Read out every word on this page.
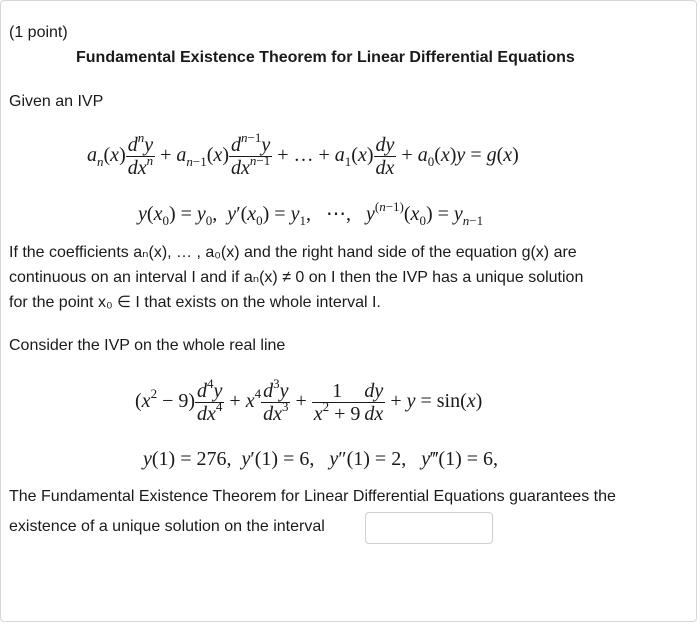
(1 point)
Fundamental Existence Theorem for Linear Differential Equations
Given an IVP
$a_n(x) \frac{d^ny}{dx^n} + a_{n-1}(x) \frac{d^{n-1}y}{dx^{n-1}}$ + … + $a_1(x) \frac{dy}{dx} + a_0(x)y = g(x)$
$y(x_0) = y_0$,  $y'(x_0) = y_1$,   ⋯,   $y^{(n-1)}(x_0) = y_{n-1}$
If the coefficients aₙ(x), … , a₀(x) and the right hand side of the equation g(x) are
continuous on an interval I and if aₙ(x) ≠ 0 on I then the IVP has a unique solution
for the point x₀ ∈ I that exists on the whole interval I.
Consider the IVP on the whole real line
$(x^2 - 9) \frac{d^4y}{dx^4} + x^4 \frac{d^3y}{dx^3} + \frac{1}{x^2 + 9} \frac{dy}{dx} + y = \sin(x)$
y(1) = 276,  y′(1) = 6,   y″(1) = 2,   y‴(1) = 6,
The Fundamental Existence Theorem for Linear Differential Equations guarantees the
existence of a unique solution on the interval
